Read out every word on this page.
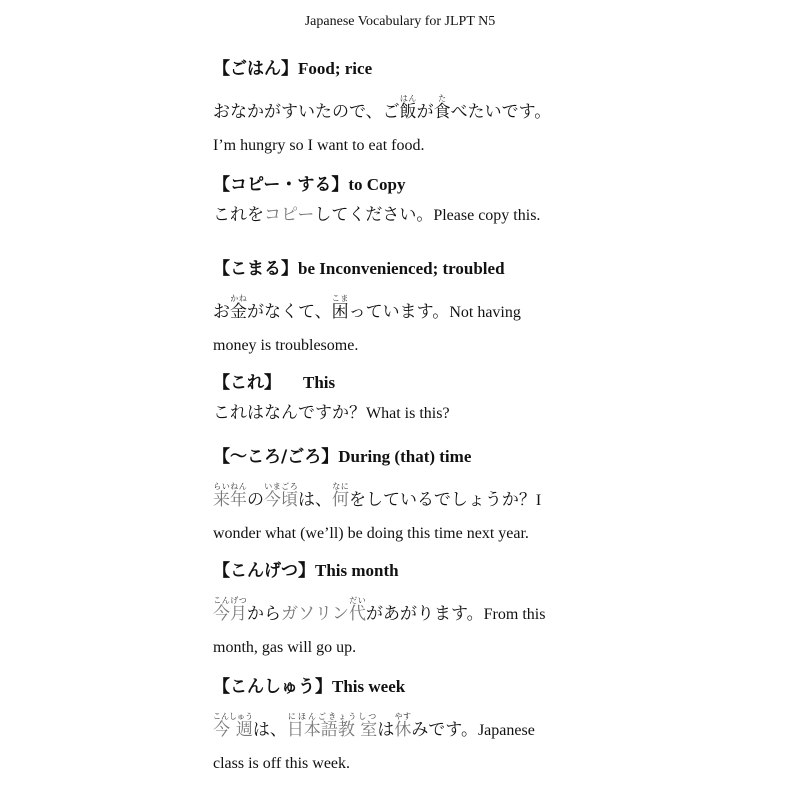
Japanese Vocabulary for JLPT N5
【ごはん】Food; rice
おなかがすいたので、ご飯はんが食たべたいです。
I’m hungry so I want to eat food.
【コピー・する】to Copy
これをコピーしてください。Please copy this.
【こまる】be Inconvenienced; troubled
お金かねがなくて、困こまっています。Not having
money is troublesome.
【これ】 This
これはなんですか？What is this?
【～ころ/ごろ】During (that) time
来年らいねんの今頃いまごろは、何なにをしているでしょうか？I
wonder what (we’ll) be doing this time next year.
【こんげつ】This month
今月こんげつからガソリン代だいがあがります。From this
month, gas will go up.
【こんしゅう】This week
今 週こんしゅうは、日本語教 室にほんごきょうしつは休やすみです。Japanese
class is off this week.
